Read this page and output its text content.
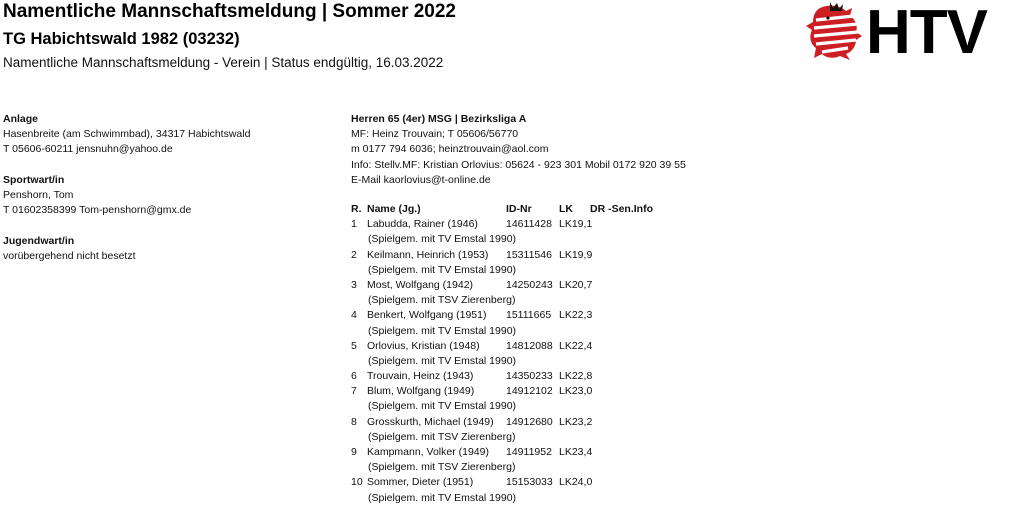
Namentliche Mannschaftsmeldung | Sommer 2022
TG Habichtswald 1982 (03232)
Namentliche Mannschaftsmeldung - Verein | Status endgültig, 16.03.2022	HTV
Anlage
Hasenbreite (am Schwimmbad), 34317 Habichtswald
T 05606-60211 jensnuhn@yahoo.de
Sportwart/in
Penshorn, Tom
T 01602358399 Tom-penshorn@gmx.de
Jugendwart/in
vorübergehend nicht besetzt
Herren 65 (4er) MSG | Bezirksliga A
MF: Heinz Trouvain; T 05606/56770
m 0177 794 6036; heinztrouvain@aol.com
Info: Stellv.MF: Kristian Orlovius: 05624 - 923 301 Mobil 0172 920 39 55
E-Mail kaorlovius@t-online.de
R. Name (Jg.)	ID-Nr	LK DR -Sen.Info
1 Labudda, Rainer (1946)	14611428 LK19,1
(Spielgem. mit TV Emstal 1990)
2 Keilmann, Heinrich (1953) 15311546 LK19,9
(Spielgem. mit TV Emstal 1990)
3 Most, Wolfgang (1942)	14250243 LK20,7
(Spielgem. mit TSV Zierenberg)
4 Benkert, Wolfgang (1951) 15111665 LK22,3
(Spielgem. mit TV Emstal 1990)
5 Orlovius, Kristian (1948)	14812088 LK22,4
(Spielgem. mit TV Emstal 1990)
6 Trouvain, Heinz (1943)	14350233 LK22,8
7 Blum, Wolfgang (1949)	14912102 LK23,0
(Spielgem. mit TV Emstal 1990)
8 Grosskurth, Michael (1949) 14912680 LK23,2
(Spielgem. mit TSV Zierenberg)
9 Kampmann, Volker (1949) 14911952 LK23,4
(Spielgem. mit TSV Zierenberg)
10 Sommer, Dieter (1951)	15153033 LK24,0
(Spielgem. mit TV Emstal 1990)
